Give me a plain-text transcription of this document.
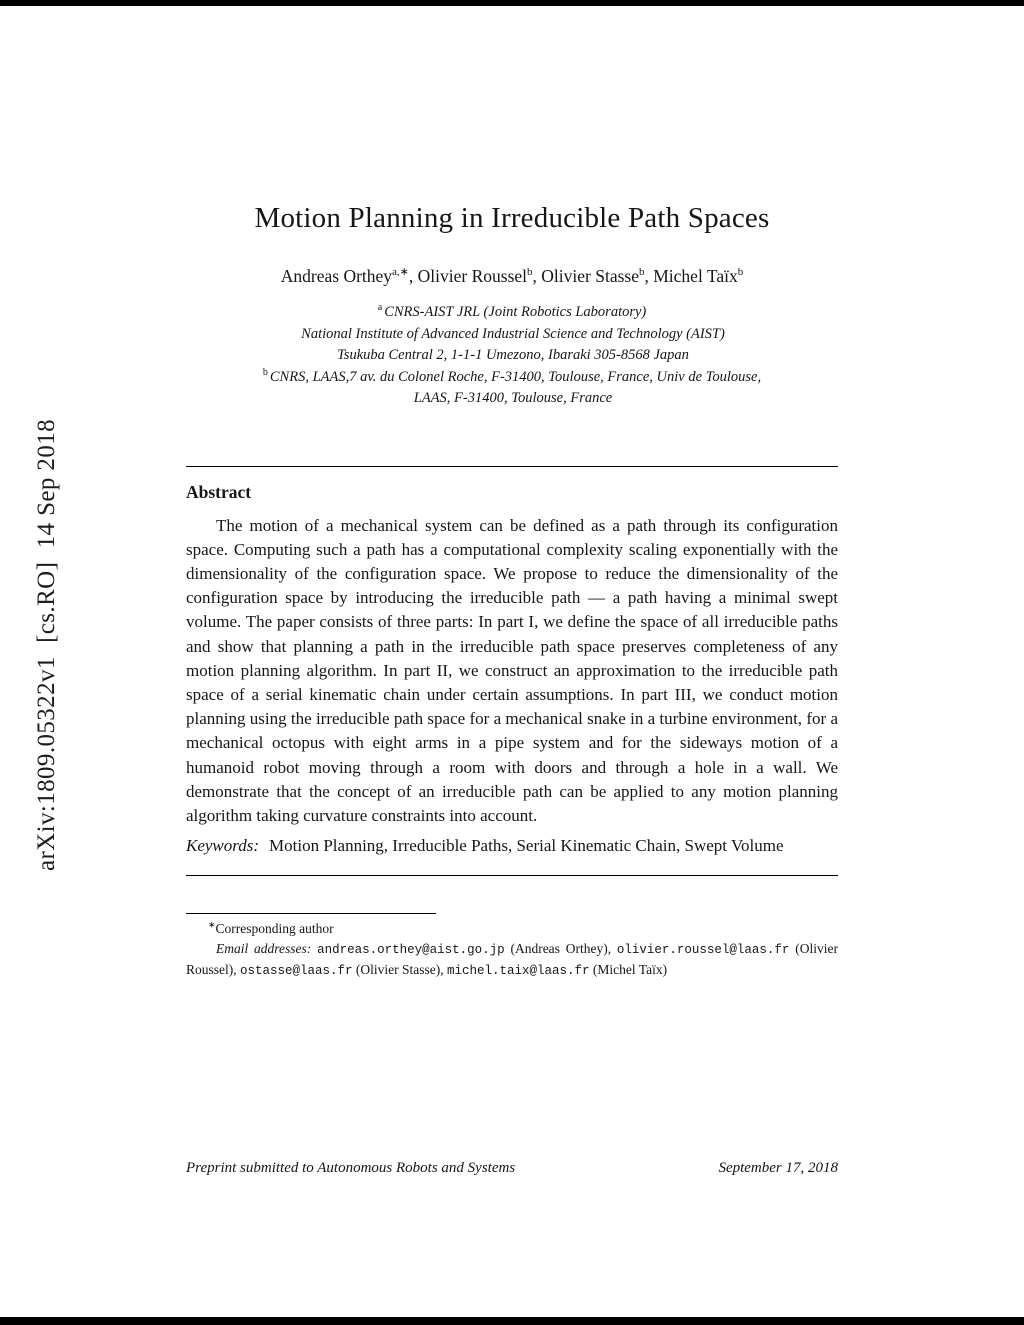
arXiv:1809.05322v1  [cs.RO]  14 Sep 2018
Motion Planning in Irreducible Path Spaces
Andreas Orthey$^{a,∗}$, Olivier Roussel$^b$, Olivier Stasse$^b$, Michel Taïx$^b$
$^a$ CNRS-AIST JRL (Joint Robotics Laboratory)
National Institute of Advanced Industrial Science and Technology (AIST)
Tsukuba Central 2, 1-1-1 Umezono, Ibaraki 305-8568 Japan
$^b$ CNRS, LAAS,7 av. du Colonel Roche, F-31400, Toulouse, France, Univ de Toulouse,
LAAS, F-31400, Toulouse, France
Abstract

The motion of a mechanical system can be defined as a path through its configuration space. Computing such a path has a computational complexity scaling exponentially with the dimensionality of the configuration space. We propose to reduce the dimensionality of the configuration space by introducing the irreducible path — a path having a minimal swept volume. The paper consists of three parts: In part I, we define the space of all irreducible paths and show that planning a path in the irreducible path space preserves completeness of any motion planning algorithm. In part II, we construct an approximation to the irreducible path space of a serial kinematic chain under certain assumptions. In part III, we conduct motion planning using the irreducible path space for a mechanical snake in a turbine environment, for a mechanical octopus with eight arms in a pipe system and for the sideways motion of a humanoid robot moving through a room with doors and through a hole in a wall. We demonstrate that the concept of an irreducible path can be applied to any motion planning algorithm taking curvature constraints into account.

Keywords: Motion Planning, Irreducible Paths, Serial Kinematic Chain, Swept Volume

∗Corresponding author

Email addresses: andreas.orthey@aist.go.jp (Andreas Orthey), olivier.roussel@laas.fr (Olivier Roussel), ostasse@laas.fr (Olivier Stasse), michel.taix@laas.fr (Michel Taïx)

Preprint submitted to Autonomous Robots and Systems	September 17, 2018
